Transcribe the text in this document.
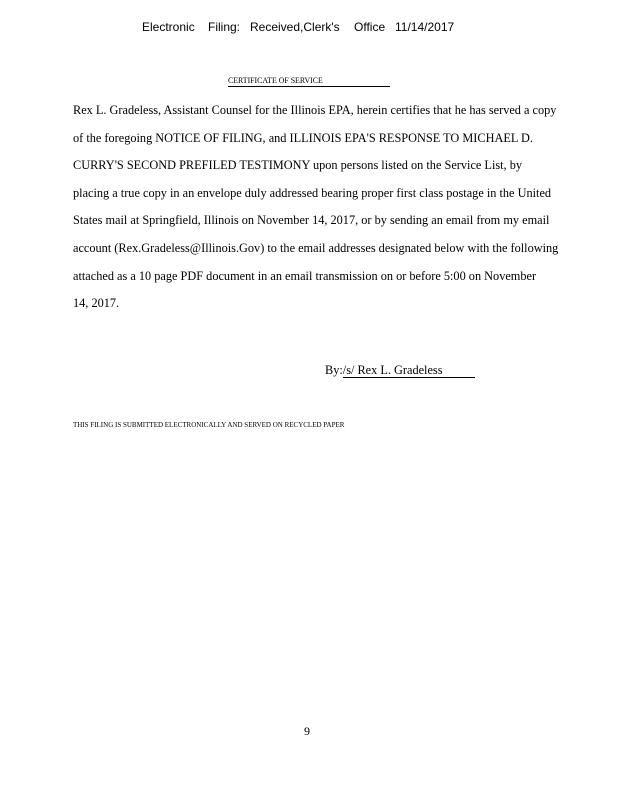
Electronic Filing: Received,Clerk's Office 11/14/2017
CERTIFICATE OF SERVICE
Rex L. Gradeless, Assistant Counsel for the Illinois EPA, herein certifies that he has served a copy
of the foregoing NOTICE OF FILING, and ILLINOIS EPA'S RESPONSE TO MICHAEL D.
CURRY'S SECOND PREFILED TESTIMONY upon persons listed on the Service List, by
placing a true copy in an envelope duly addressed bearing proper first class postage in the United
States mail at Springfield, Illinois on November 14, 2017, or by sending an email from my email
account (Rex.Gradeless@Illinois.Gov) to the email addresses designated below with the following
attached as a 10 page PDF document in an email transmission on or before 5:00 on November
14, 2017.
By:/s/ Rex L. Gradeless
THIS FILING IS SUBMITTED ELECTRONICALLY AND SERVED ON RECYCLED PAPER
9
